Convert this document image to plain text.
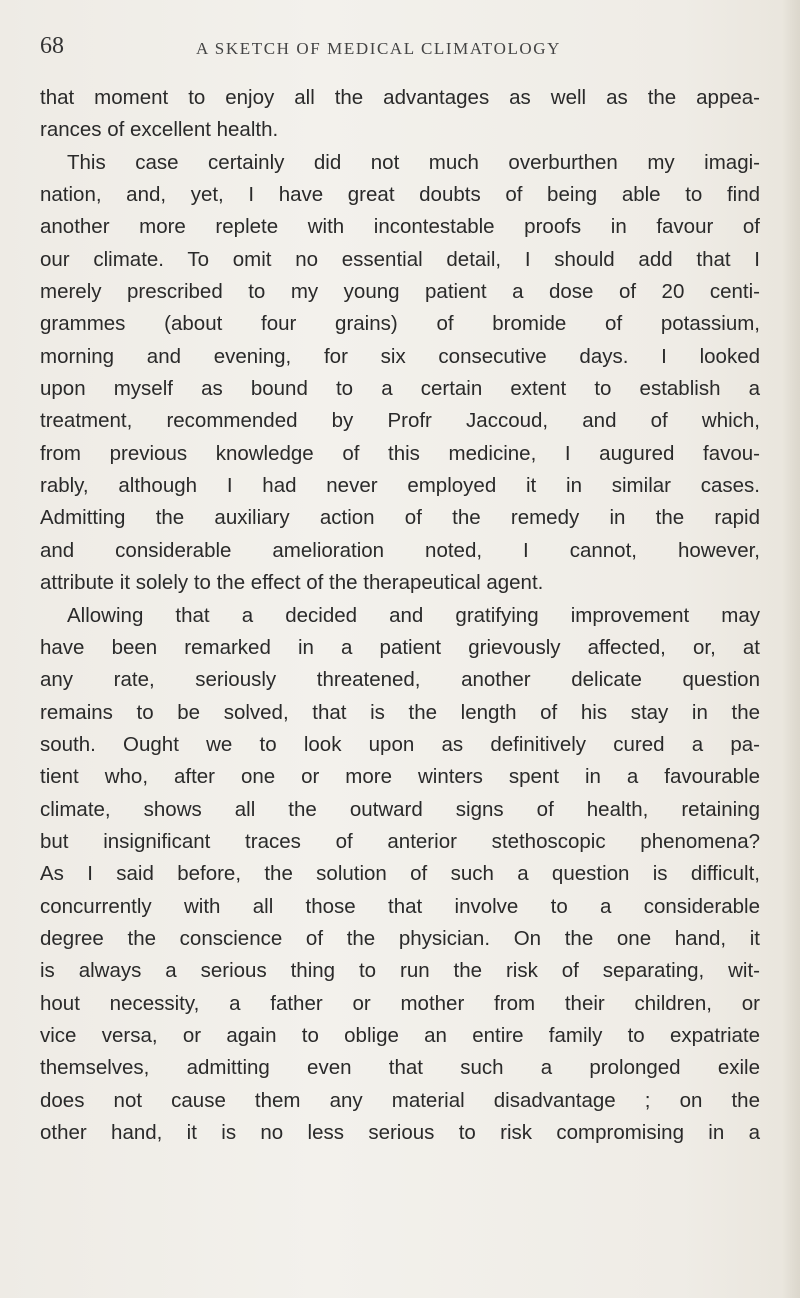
68	A SKETCH OF MEDICAL CLIMATOLOGY
that moment to enjoy all the advantages as well as the appea-
rances of excellent health.
This case certainly did not much overburthen my imagi-
nation, and, yet, I have great doubts of being able to find
another more replete with incontestable proofs in favour of
our climate. To omit no essential detail, I should add that I
merely prescribed to my young patient a dose of 20 centi-
grammes (about four grains) of bromide of potassium,
morning and evening, for six consecutive days. I looked
upon myself as bound to a certain extent to establish a
treatment, recommended by Profr Jaccoud, and of which,
from previous knowledge of this medicine, I augured favou-
rably, although I had never employed it in similar cases.
Admitting the auxiliary action of the remedy in the rapid
and considerable amelioration noted, I cannot, however,
attribute it solely to the effect of the therapeutical agent.
Allowing that a decided and gratifying improvement may
have been remarked in a patient grievously affected, or, at
any rate, seriously threatened, another delicate question
remains to be solved, that is the length of his stay in the
south. Ought we to look upon as definitively cured a pa-
tient who, after one or more winters spent in a favourable
climate, shows all the outward signs of health, retaining
but insignificant traces of anterior stethoscopic phenomena?
As I said before, the solution of such a question is difficult,
concurrently with all those that involve to a considerable
degree the conscience of the physician. On the one hand, it
is always a serious thing to run the risk of separating, wit-
hout necessity, a father or mother from their children, or
vice versa, or again to oblige an entire family to expatriate
themselves, admitting even that such a prolonged exile
does not cause them any material disadvantage ; on the
other hand, it is no less serious to risk compromising in a
